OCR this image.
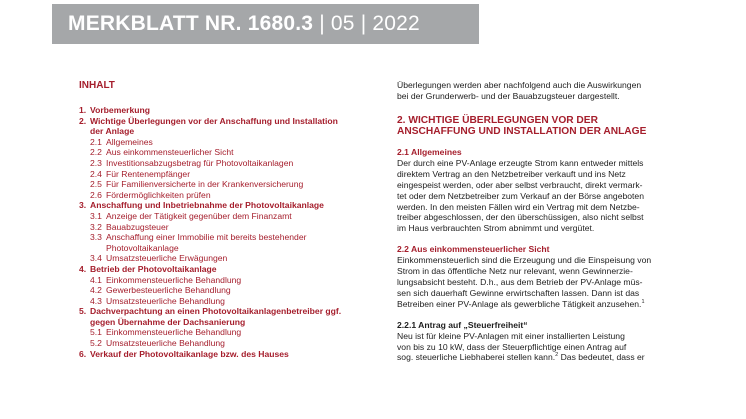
MERKBLATT NR. 1680.3 | 05 | 2022
INHALT
1. Vorbemerkung
2. Wichtige Überlegungen vor der Anschaffung und Installation
der Anlage
2.1 Allgemeines
2.2 Aus einkommensteuerlicher Sicht
2.3 Investitionsabzugsbetrag für Photovoltaikanlagen
2.4 Für Rentenempfänger
2.5 Für Familienversicherte in der Krankenversicherung
2.6 Fördermöglichkeiten prüfen
3. Anschaffung und Inbetriebnahme der Photovoltaikanlage
3.1 Anzeige der Tätigkeit gegenüber dem Finanzamt
3.2 Bauabzugsteuer
3.3 Anschaffung einer Immobilie mit bereits bestehender
Photovoltaikanlage
3.4 Umsatzsteuerliche Erwägungen
4. Betrieb der Photovoltaikanlage
4.1 Einkommensteuerliche Behandlung
4.2 Gewerbesteuerliche Behandlung
4.3 Umsatzsteuerliche Behandlung
5. Dachverpachtung an einen Photovoltaikanlagenbetreiber ggf.
gegen Übernahme der Dachsanierung
5.1 Einkommensteuerliche Behandlung
5.2 Umsatzsteuerliche Behandlung
6. Verkauf der Photovoltaikanlage bzw. des Hauses

Überlegungen werden aber nachfolgend auch die Auswirkungen
bei der Grunderwerb- und der Bauabzugsteuer dargestellt.

2. WICHTIGE ÜBERLEGUNGEN VOR DER
ANSCHAFFUNG UND INSTALLATION DER ANLAGE
2.1 Allgemeines

Der durch eine PV-Anlage erzeugte Strom kann entweder mittels
direktem Vertrag an den Netzbetreiber verkauft und ins Netz
eingespeist werden, oder aber selbst verbraucht, direkt vermark-
tet oder dem Netzbetreiber zum Verkauf an der Börse angeboten
werden. In den meisten Fällen wird ein Vertrag mit dem Netzbe-
treiber abgeschlossen, der den überschüssigen, also nicht selbst
im Haus verbrauchten Strom abnimmt und vergütet.

2.2 Aus einkommensteuerlicher Sicht

Einkommensteuerlich sind die Erzeugung und die Einspeisung von
Strom in das öffentliche Netz nur relevant, wenn Gewinnerzie-
lungsabsicht besteht. D.h., aus dem Betrieb der PV-Anlage müs-
sen sich dauerhaft Gewinne erwirtschaften lassen. Dann ist das
Betreiben einer PV-Anlage als gewerbliche Tätigkeit anzusehen.$^1$

2.2.1 Antrag auf „Steuerfreiheit“

Neu ist für kleine PV-Anlagen mit einer installierten Leistung
von bis zu 10 kW, dass der Steuerpflichtige einen Antrag auf
sog. steuerliche Liebhaberei stellen kann.$^2$ Das bedeutet, dass er
